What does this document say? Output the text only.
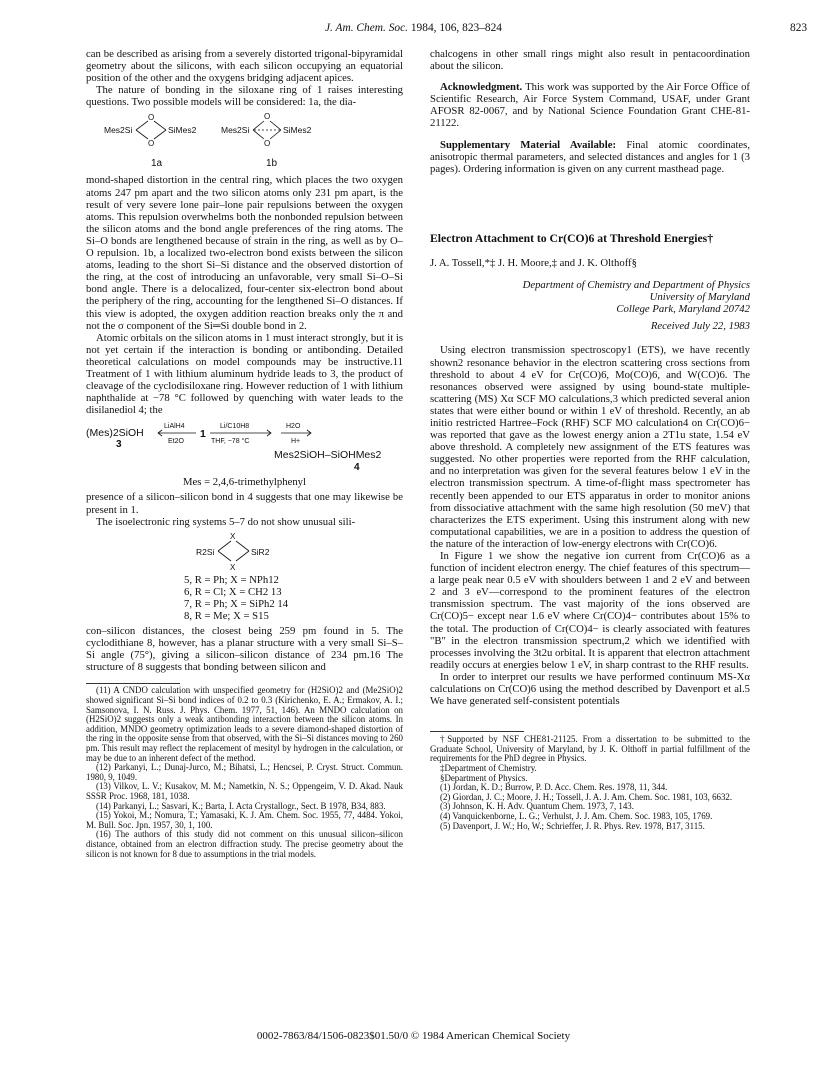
J. Am. Chem. Soc. 1984, 106, 823–824	823

can be described as arising from a severely distorted trigonal-bipyramidal geometry about the silicons, with each silicon occupying an equatorial position of the other and the oxygens bridging adjacent apices.

The nature of bonding in the siloxane ring of 1 raises interesting questions. Two possible models will be considered: 1a, the dia-

Mes2Si
O
O
SiMes2	Mes2Si
O
O
SiMes2
1a	1b

mond-shaped distortion in the central ring, which places the two oxygen atoms 247 pm apart and the two silicon atoms only 231 pm apart, is the result of very severe lone pair–lone pair repulsions between the oxygen atoms. This repulsion overwhelms both the nonbonded repulsion between the silicon atoms and the bond angle preferences of the ring atoms. The Si–O bonds are lengthened because of strain in the ring, as well as by O–O repulsion. 1b, a localized two-electron bond exists between the silicon atoms, leading to the short Si–Si distance and the observed distortion of the ring, at the cost of introducing an unfavorable, very small Si–O–Si bond angle. There is a delocalized, four-center six-electron bond about the periphery of the ring, accounting for the lengthened Si–O distances. If this view is adopted, the oxygen addition reaction breaks only the π and not the σ component of the Si═Si double bond in 2.

Atomic orbitals on the silicon atoms in 1 must interact strongly, but it is not yet certain if the interaction is bonding or antibonding. Detailed theoretical calculations on model compounds may be instructive.11 Treatment of 1 with lithium aluminum hydride leads to 3, the product of cleavage of the cyclodisiloxane ring. However reduction of 1 with lithium naphthalide at −78 °C followed by quenching with water leads to the disilanediol 4; the

(Mes)2SiOH
3
LiAlH4
Et2O
1
Li/C10H8
THF, −78 °C
H2O
H+
Mes2SiOH–SiOHMes2
4

Mes = 2,4,6-trimethylphenyl

presence of a silicon–silicon bond in 4 suggests that one may likewise be present in 1.

The isoelectronic ring systems 5–7 do not show unusual sili-

R2Si
X
X
SiR2
5, R = Ph; X = NPh12
6, R = Cl; X = CH2 13
7, R = Ph; X = SiPh2 14
8, R = Me; X = S15

con–silicon distances, the closest being 259 pm found in 5. The cyclodithiane 8, however, has a planar structure with a very small Si–S–Si angle (75°), giving a silicon–silicon distance of 234 pm.16 The structure of 8 suggests that bonding between silicon and

(11) A CNDO calculation with unspecified geometry for (H2SiO)2 and (Me2SiO)2 showed significant Si–Si bond indices of 0.2 to 0.3 (Kirichenko, E. A.; Ermakov, A. I.; Samsonova, I. N. Russ. J. Phys. Chem. 1977, 51, 146). An MNDO calculation on (H2SiO)2 suggests only a weak antibonding interaction between the silicon atoms. In addition, MNDO geometry optimization leads to a severe diamond-shaped distortion of the ring in the opposite sense from that observed, with the Si–Si distances moving to 260 pm. This result may reflect the replacement of mesityl by hydrogen in the calculation, or may be due to an inherent defect of the method.

(12) Parkanyi, L.; Dunaj-Jurco, M.; Bihatsi, L.; Hencsei, P. Cryst. Struct. Commun. 1980, 9, 1049.

(13) Vilkov, L. V.; Kusakov, M. M.; Nametkin, N. S.; Oppengeim, V. D. Akad. Nauk SSSR Proc. 1968, 181, 1038.

(14) Parkanyi, L.; Sasvari, K.; Barta, I. Acta Crystallogr., Sect. B 1978, B34, 883.

(15) Yokoi, M.; Nomura, T.; Yamasaki, K. J. Am. Chem. Soc. 1955, 77, 4484. Yokoi, M. Bull. Soc. Jpn. 1957, 30, 1, 100.

(16) The authors of this study did not comment on this unusual silicon–silicon distance, obtained from an electron diffraction study. The precise geometry about the silicon is not known for 8 due to assumptions in the trial models.

chalcogens in other small rings might also result in pentacoordination about the silicon.

Acknowledgment. This work was supported by the Air Force Office of Scientific Research, Air Force System Command, USAF, under Grant AFOSR 82-0067, and by National Science Foundation Grant CHE-81-21122.

Supplementary Material Available: Final atomic coordinates, anisotropic thermal parameters, and selected distances and angles for 1 (3 pages). Ordering information is given on any current masthead page.

Electron Attachment to Cr(CO)6 at Threshold Energies†

J. A. Tossell,*‡ J. H. Moore,‡ and J. K. Olthoff§

Department of Chemistry and Department of Physics
University of Maryland
College Park, Maryland 20742

Received July 22, 1983

Using electron transmission spectroscopy1 (ETS), we have recently shown2 resonance behavior in the electron scattering cross sections from threshold to about 4 eV for Cr(CO)6, Mo(CO)6, and W(CO)6. The resonances observed were assigned by using bound-state multiple-scattering (MS) Xα SCF MO calculations,3 which predicted several anion states that were either bound or within 1 eV of threshold. Recently, an ab initio restricted Hartree–Fock (RHF) SCF MO calculation4 on Cr(CO)6− was reported that gave as the lowest energy anion a 2T1u state, 1.54 eV above threshold. A completely new assignment of the ETS features was suggested. No other properties were reported from the RHF calculation, and no interpretation was given for the several features below 1 eV in the electron transmission spectrum. A time-of-flight mass spectrometer has recently been appended to our ETS apparatus in order to monitor anions from dissociative attachment with the same high resolution (50 meV) that characterizes the ETS experiment. Using this instrument along with new computational capabilities, we are in a position to address the question of the nature of the interaction of low-energy electrons with Cr(CO)6.

In Figure 1 we show the negative ion current from Cr(CO)6 as a function of incident electron energy. The chief features of this spectrum—a large peak near 0.5 eV with shoulders between 1 and 2 eV and between 2 and 3 eV—correspond to the prominent features of the electron transmission spectrum. The vast majority of the ions observed are Cr(CO)5− except near 1.6 eV where Cr(CO)4− contributes about 15% to the total. The production of Cr(CO)4− is clearly associated with features "B" in the electron transmission spectrum,2 which we identified with processes involving the 3t2u orbital. It is apparent that electron attachment readily occurs at energies below 1 eV, in sharp contrast to the RHF results.

In order to interpret our results we have performed continuum MS-Xα calculations on Cr(CO)6 using the method described by Davenport et al.5 We have generated self-consistent potentials

†Supported by NSF CHE81-21125. From a dissertation to be submitted to the Graduate School, University of Maryland, by J. K. Olthoff in partial fulfillment of the requirements for the PhD degree in Physics.

‡Department of Chemistry.

§Department of Physics.

(1) Jordan, K. D.; Burrow, P. D. Acc. Chem. Res. 1978, 11, 344.

(2) Giordan, J. C.; Moore, J. H.; Tossell, J. A. J. Am. Chem. Soc. 1981, 103, 6632.

(3) Johnson, K. H. Adv. Quantum Chem. 1973, 7, 143.

(4) Vanquickenborne, L. G.; Verhulst, J. J. Am. Chem. Soc. 1983, 105, 1769.

(5) Davenport, J. W.; Ho, W.; Schrieffer, J. R. Phys. Rev. 1978, B17, 3115.

0002-7863/84/1506-0823$01.50/0 © 1984 American Chemical Society
